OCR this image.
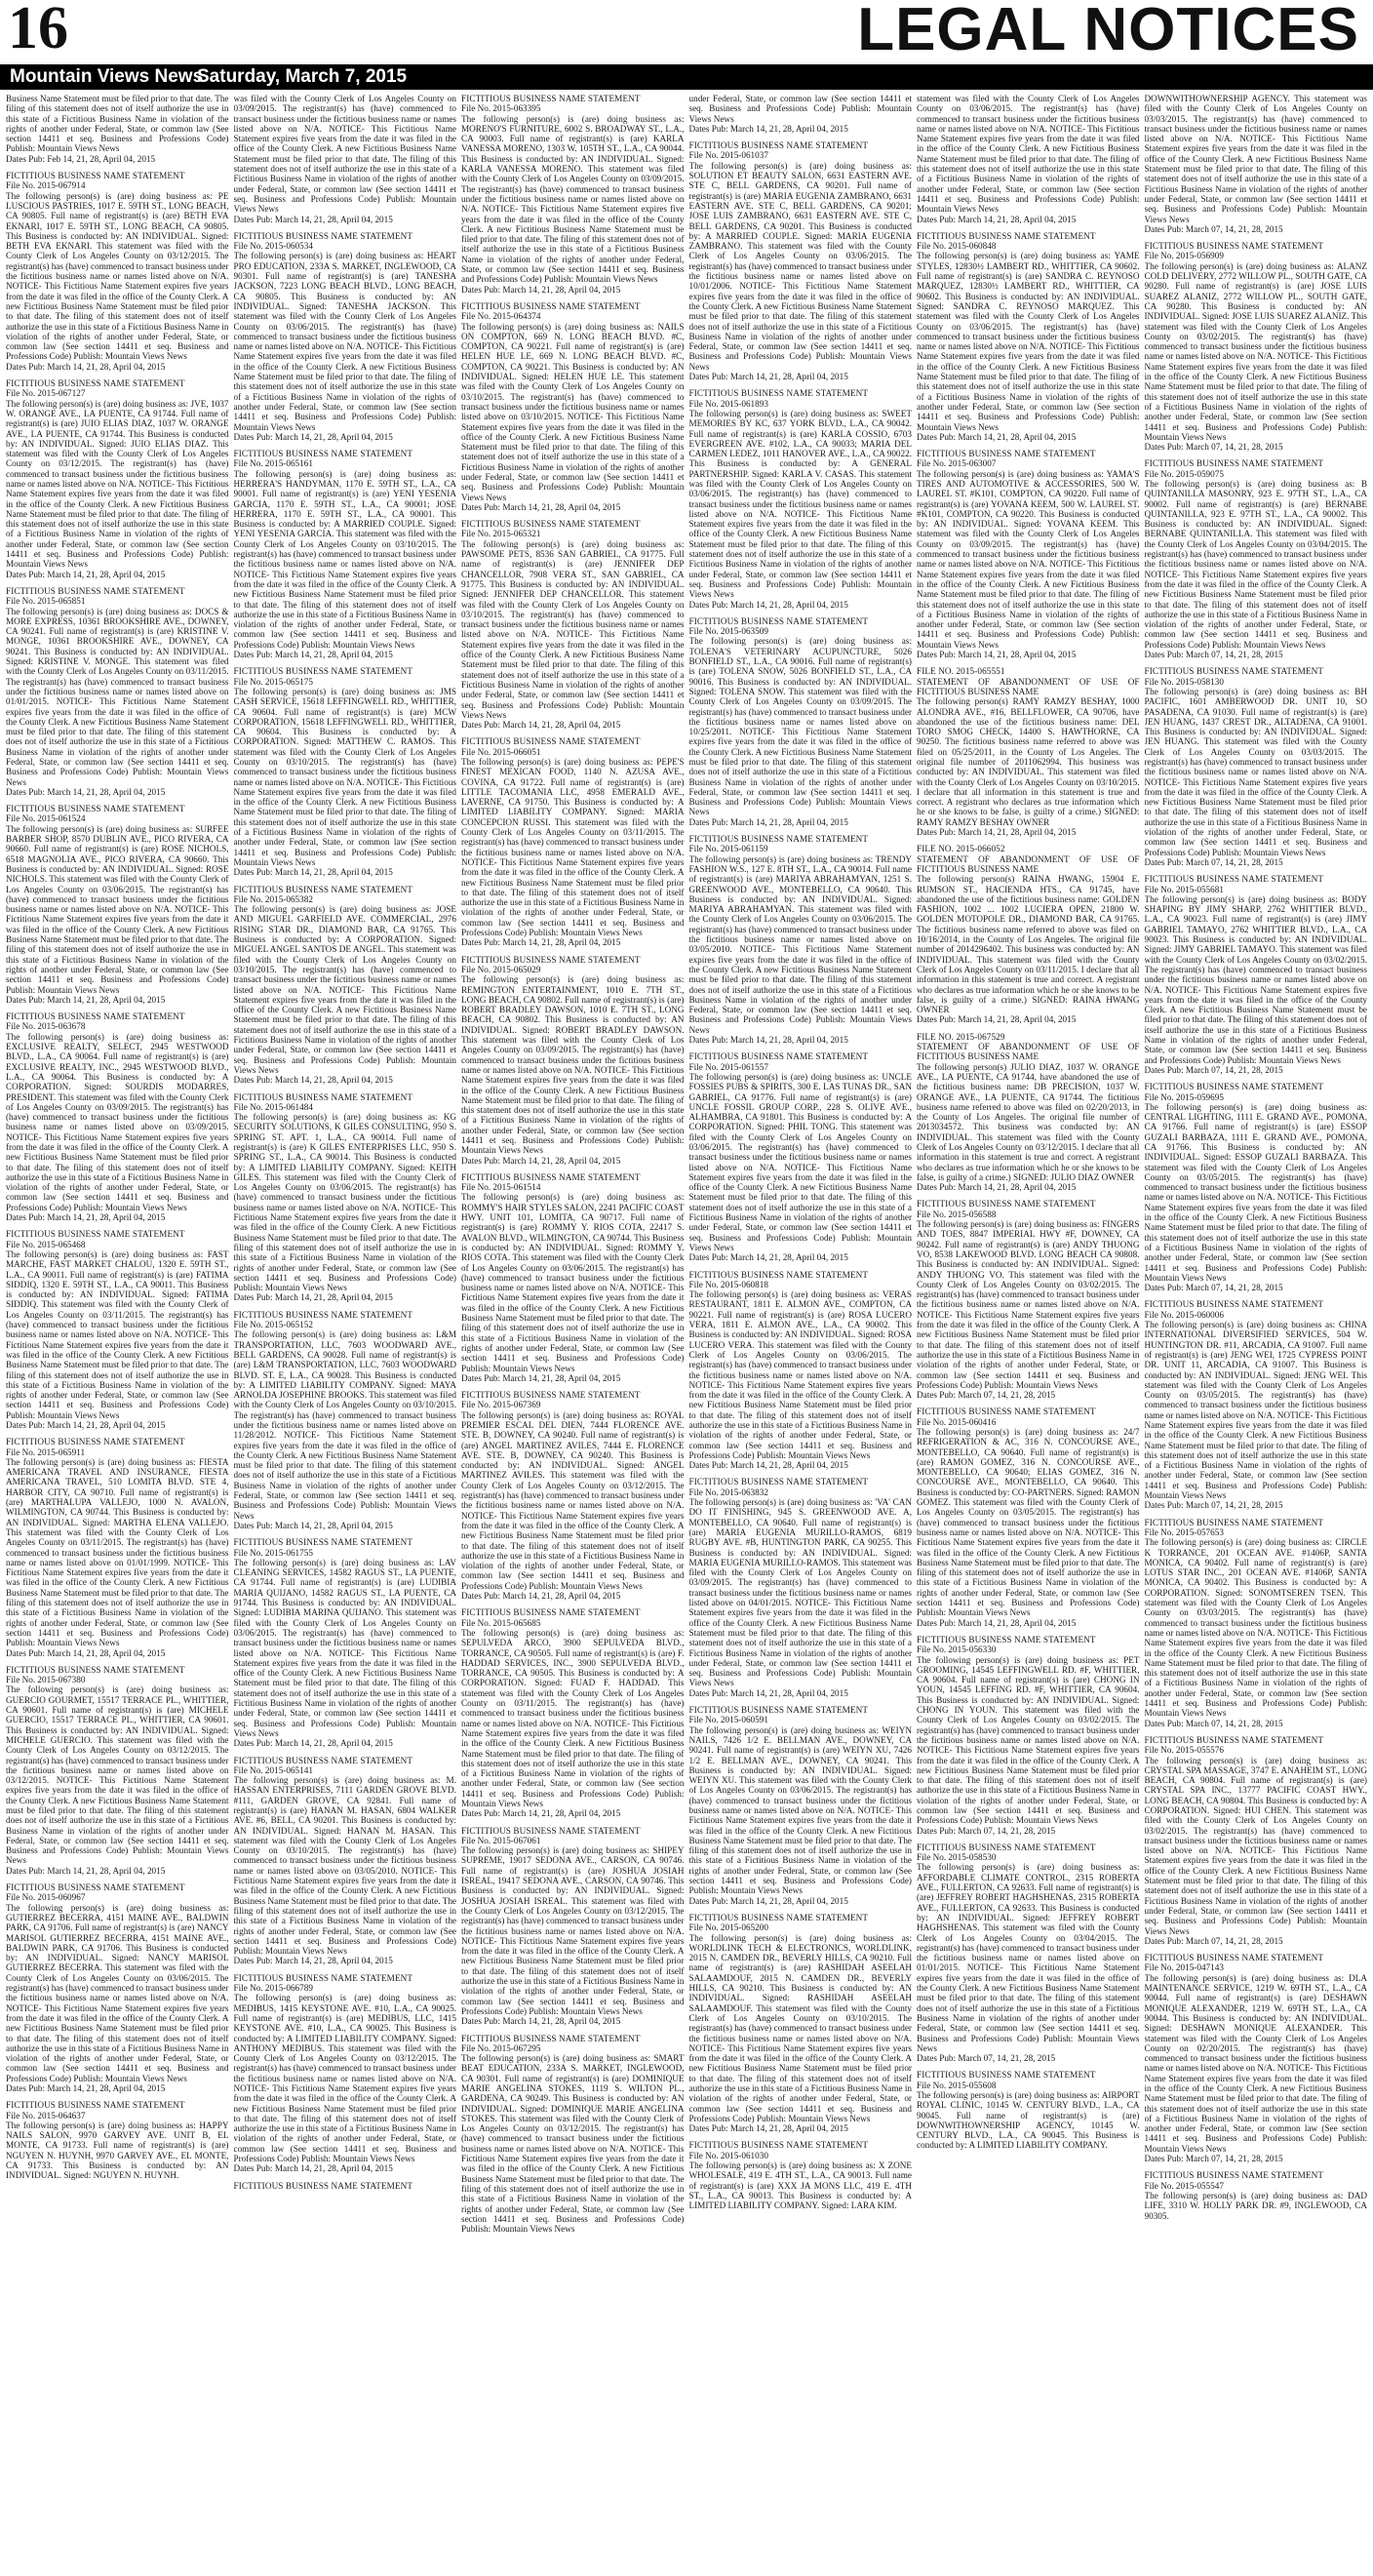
16	LEGAL NOTICES
Mountain Views News
Saturday, March 7, 2015
Business Name Statement must be filed prior to that date. The filing of this statement does not of itself authorize the use in this state of a Fictitious Business Name in violation of the rights of another under Federal, State, or common law (See section 14411 et seq. Business and Professions Code) Publish: Mountain Views News
Dates Pub: Feb 14, 21, 28, April 04, 2015
FICTITIOUS BUSINESS NAME STATEMENT
File No. 2015-067914
The following person(s) is (are) doing business as: PE LUSCIOUS PASTRIES, 1017 E. 59TH ST., LONG BEACH, CA 90805. Full name of registrant(s) is (are) BETH EVA EKNARI, 1017 E. 59TH ST., LONG BEACH, CA 90805. This Business is conducted by: AN INDIVIDUAL. Signed: BETH EVA EKNARI. This statement was filed with the County Clerk of Los Angeles County on 03/12/2015. The registrant(s) has (have) commenced to transact business under the fictitious business name or names listed above on N/A. NOTICE- This Fictitious Name Statement expires five years from the date it was filed in the office of the County Clerk. A new Fictitious Business Name Statement must be filed prior to that date. The filing of this statement does not of itself authorize the use in this state of a Fictitious Business Name in violation of the rights of another under Federal, State, or common law (See section 14411 et seq. Business and Professions Code) Publish: Mountain Views News
Dates Pub: March 14, 21, 28, April 04, 2015
FICTITIOUS BUSINESS NAME STATEMENT
File No. 2015-067127
The following person(s) is (are) doing business as: JVE, 1037 W. ORANGE AVE., LA PUENTE, CA 91744. Full name of registrant(s) is (are) JUIO ELIAS DIAZ, 1037 W. ORANGE AVE., LA PUENTE, CA 91744. This Business is conducted by: AN INDIVIDUAL. Signed: JUIO ELIAS DIAZ. This statement was filed with the County Clerk of Los Angeles County on 03/12/2015. The registrant(s) has (have) commenced to transact business under the fictitious business name or names listed above on N/A. NOTICE- This Fictitious Name Statement expires five years from the date it was filed in the office of the County Clerk. A new Fictitious Business Name Statement must be filed prior to that date. The filing of this statement does not of itself authorize the use in this state of a Fictitious Business Name in violation of the rights of another under Federal, State, or common law (See section 14411 et seq. Business and Professions Code) Publish: Mountain Views News
Dates Pub: March 14, 21, 28, April 04, 2015
FICTITIOUS BUSINESS NAME STATEMENT
File No. 2015-065851
The following person(s) is (are) doing business as: DOCS & MORE EXPRESS, 10361 BROOKSHIRE AVE., DOWNEY, CA 90241. Full name of registrant(s) is (are) KRISTINE V. MONGE, 10361 BROOKSHIRE AVE., DOWNEY, CA 90241. This Business is conducted by: AN INDIVIDUAL. Signed: KRISTINE V. MONGE. This statement was filed with the County Clerk of Los Angeles County on 03/11/2015. The registrant(s) has (have) commenced to transact business under the fictitious business name or names listed above on 01/01/2015. NOTICE- This Fictitious Name Statement expires five years from the date it was filed in the office of the County Clerk. A new Fictitious Business Name Statement must be filed prior to that date. The filing of this statement does not of itself authorize the use in this state of a Fictitious Business Name in violation of the rights of another under Federal, State, or common law (See section 14411 et seq. Business and Professions Code) Publish: Mountain Views News
Dates Pub: March 14, 21, 28, April 04, 2015
FICTITIOUS BUSINESS NAME STATEMENT
File No. 2015-061524
The following person(s) is (are) doing business as: SURFEE BARBER SHOP, 8570 DUBLIN AVE., PICO RIVERA, CA 90660. Full name of registrant(s) is (are) ROSE NICHOLS, 6518 MAGNOLIA AVE., PICO RIVERA, CA 90660. This Business is conducted by: AN INDIVIDUAL. Signed: ROSE NICHOLS. This statement was filed with the County Clerk of Los Angeles County on 03/06/2015. The registrant(s) has (have) commenced to transact business under the fictitious business name or names listed above on N/A. NOTICE- This Fictitious Name Statement expires five years from the date it was filed in the office of the County Clerk. A new Fictitious Business Name Statement must be filed prior to that date. The filing of this statement does not of itself authorize the use in this state of a Fictitious Business Name in violation of the rights of another under Federal, State, or common law (See section 14411 et seq. Business and Professions Code) Publish: Mountain Views News
Dates Pub: March 14, 21, 28, April 04, 2015
FICTITIOUS BUSINESS NAME STATEMENT
File No. 2015-063678
The following person(s) is (are) doing business as: EXCLUSIVE REALTY, SELECT, 2945 WESTWOOD BLVD., L.A., CA 90064. Full name of registrant(s) is (are) EXCLUSIVE REALTY, INC., 2945 WESTWOOD BLVD., L.A., CA 90064. This Business is conducted by: A CORPORATION. Signed: SOURDIS MODARRES, PRESIDENT. This statement was filed with the County Clerk of Los Angeles County on 03/09/2015. The registrant(s) has (have) commenced to transact business under the fictitious business name or names listed above on 03/09/2015. NOTICE- This Fictitious Name Statement expires five years from the date it was filed in the office of the County Clerk. A new Fictitious Business Name Statement must be filed prior to that date. The filing of this statement does not of itself authorize the use in this state of a Fictitious Business Name in violation of the rights of another under Federal, State, or common law (See section 14411 et seq. Business and Professions Code) Publish: Mountain Views News
Dates Pub: March 14, 21, 28, April 04, 2015
FICTITIOUS BUSINESS NAME STATEMENT
File No. 2015-065468
The following person(s) is (are) doing business as: FAST MARCHE, FAST MARKET CHALOU, 1320 E. 59TH ST., L.A., CA 90011. Full name of registrant(s) is (are) FATIMA SIDDIQ, 1320 E. 59TH ST., L.A., CA 90011. This Business is conducted by: AN INDIVIDUAL. Signed: FATIMA SIDDIQ. This statement was filed with the County Clerk of Los Angeles County on 03/11/2015. The registrant(s) has (have) commenced to transact business under the fictitious business name or names listed above on N/A. NOTICE- This Fictitious Name Statement expires five years from the date it was filed in the office of the County Clerk. A new Fictitious Business Name Statement must be filed prior to that date. The filing of this statement does not of itself authorize the use in this state of a Fictitious Business Name in violation of the rights of another under Federal, State, or common law (See section 14411 et seq. Business and Professions Code) Publish: Mountain Views News
Dates Pub: March 14, 21, 28, April 04, 2015
FICTITIOUS BUSINESS NAME STATEMENT
File No. 2015-065911
The following person(s) is (are) doing business as: FIESTA AMERICANA TRAVEL AND INSURANCE, FIESTA AMERICANA TRAVEL, 510 LOMITA BLVD. STE 4, HARBOR CITY, CA 90710. Full name of registrant(s) is (are) MARTHALUPA VALLEJO, 1000 N. AVALON, WILMINGTON, CA 90744. This Business is conducted by: AN INDIVIDUAL. Signed: MARTHA ELENA VALLEJO. This statement was filed with the County Clerk of Los Angeles County on 03/11/2015. The registrant(s) has (have) commenced to transact business under the fictitious business name or names listed above on 01/01/1999. NOTICE- This Fictitious Name Statement expires five years from the date it was filed in the office of the County Clerk. A new Fictitious Business Name Statement must be filed prior to that date. The filing of this statement does not of itself authorize the use in this state of a Fictitious Business Name in violation of the rights of another under Federal, State, or common law (See section 14411 et seq. Business and Professions Code) Publish: Mountain Views News
Dates Pub: March 14, 21, 28, April 04, 2015
FICTITIOUS BUSINESS NAME STATEMENT
File No. 2015-067380
The following person(s) is (are) doing business as: GUERCIO GOURMET, 15517 TERRACE PL., WHITTIER, CA 90601. Full name of registrant(s) is (are) MICHELE GUERCIO, 15517 TERRACE PL., WHITTIER, CA 90601. This Business is conducted by: AN INDIVIDUAL. Signed: MICHELE GUERCIO. This statement was filed with the County Clerk of Los Angeles County on 03/12/2015. The registrant(s) has (have) commenced to transact business under the fictitious business name or names listed above on 03/12/2015. NOTICE- This Fictitious Name Statement expires five years from the date it was filed in the office of the County Clerk. A new Fictitious Business Name Statement must be filed prior to that date. The filing of this statement does not of itself authorize the use in this state of a Fictitious Business Name in violation of the rights of another under Federal, State, or common law (See section 14411 et seq. Business and Professions Code) Publish: Mountain Views News
Dates Pub: March 14, 21, 28, April 04, 2015
FICTITIOUS BUSINESS NAME STATEMENT
File No. 2015-060967
The following person(s) is (are) doing business as: GUTIERREZ BECERRA, 4151 MAINE AVE., BALDWIN PARK, CA 91706. Full name of registrant(s) is (are) NANCY MARISOL GUTIERREZ BECERRA, 4151 MAINE AVE., BALDWIN PARK, CA 91706. This Business is conducted by: AN INDIVIDUAL. Signed: NANCY MARISOL GUTIERREZ BECERRA. This statement was filed with the County Clerk of Los Angeles County on 03/06/2015. The registrant(s) has (have) commenced to transact business under the fictitious business name or names listed above on N/A. NOTICE- This Fictitious Name Statement expires five years from the date it was filed in the office of the County Clerk. A new Fictitious Business Name Statement must be filed prior to that date. The filing of this statement does not of itself authorize the use in this state of a Fictitious Business Name in violation of the rights of another under Federal, State, or common law (See section 14411 et seq. Business and Professions Code) Publish: Mountain Views News
Dates Pub: March 14, 21, 28, April 04, 2015
FICTITIOUS BUSINESS NAME STATEMENT
File No. 2015-064637
The following person(s) is (are) doing business as: HAPPY NAILS SALON, 9970 GARVEY AVE. UNIT B, EL MONTE, CA 91733. Full name of registrant(s) is (are) NGUYEN N. HUYNH, 9970 GARVEY AVE., EL MONTE, CA 91733. This Business is conducted by: AN INDIVIDUAL. Signed: NGUYEN N. HUYNH.
was filed with the County Clerk of Los Angeles County on 03/09/2015. The registrant(s) has (have) commenced to transact business under the fictitious business name or names listed above on N/A. NOTICE- This Fictitious Name Statement expires five years from the date it was filed in the office of the County Clerk. A new Fictitious Business Name Statement must be filed prior to that date. The filing of this statement does not of itself authorize the use in this state of a Fictitious Business Name in violation of the rights of another under Federal, State, or common law (See section 14411 et seq. Business and Professions Code) Publish: Mountain Views News
Dates Pub: March 14, 21, 28, April 04, 2015
FICTITIOUS BUSINESS NAME STATEMENT
File No. 2015-060534
The following person(s) is (are) doing business as: HEART PRO EDUCATION, 233A S. MARKET, INGLEWOOD, CA 90301. Full name of registrant(s) is (are) TANESHA JACKSON, 7223 LONG BEACH BLVD., LONG BEACH, CA 90805. This Business is conducted by: AN INDIVIDUAL. Signed: TANESHA JACKSON. This statement was filed with the County Clerk of Los Angeles County on 03/06/2015. The registrant(s) has (have) commenced to transact business under the fictitious business name or names listed above on N/A. NOTICE- This Fictitious Name Statement expires five years from the date it was filed in the office of the County Clerk. A new Fictitious Business Name Statement must be filed prior to that date. The filing of this statement does not of itself authorize the use in this state of a Fictitious Business Name in violation of the rights of another under Federal, State, or common law (See section 14411 et seq. Business and Professions Code) Publish: Mountain Views News
Dates Pub: March 14, 21, 28, April 04, 2015
FICTITIOUS BUSINESS NAME STATEMENT
File No. 2015-065161
The following person(s) is (are) doing business as: HERRERA'S HANDYMAN, 1170 E. 59TH ST., L.A., CA 90001. Full name of registrant(s) is (are) YENI YESENIA GARCIA, 1170 E. 59TH ST., L.A., CA 90001; JOSE HERRERA, 1170 E. 59TH ST., L.A., CA 90001. This Business is conducted by: A MARRIED COUPLE. Signed: YENI YESENIA GARCIA. This statement was filed with the County Clerk of Los Angeles County on 03/10/2015. The registrant(s) has (have) commenced to transact business under the fictitious business name or names listed above on N/A. NOTICE- This Fictitious Name Statement expires five years from the date it was filed in the office of the County Clerk. A new Fictitious Business Name Statement must be filed prior to that date. The filing of this statement does not of itself authorize the use in this state of a Fictitious Business Name in violation of the rights of another under Federal, State, or common law (See section 14411 et seq. Business and Professions Code) Publish: Mountain Views News
Dates Pub: March 14, 21, 28, April 04, 2015
FICTITIOUS BUSINESS NAME STATEMENT
File No. 2015-065175
The following person(s) is (are) doing business as: JMS CASH SERVICE, 15618 LEFFINGWELL RD., WHITTIER, CA 90604. Full name of registrant(s) is (are) MCW CORPORATION, 15618 LEFFINGWELL RD., WHITTIER, CA 90604. This Business is conducted by: A CORPORATION. Signed: MATTHEW C. RAMOS. This statement was filed with the County Clerk of Los Angeles County on 03/10/2015. The registrant(s) has (have) commenced to transact business under the fictitious business name or names listed above on N/A. NOTICE- This Fictitious Name Statement expires five years from the date it was filed in the office of the County Clerk. A new Fictitious Business Name Statement must be filed prior to that date. The filing of this statement does not of itself authorize the use in this state of a Fictitious Business Name in violation of the rights of another under Federal, State, or common law (See section 14411 et seq. Business and Professions Code) Publish: Mountain Views News
Dates Pub: March 14, 21, 28, April 04, 2015
FICTITIOUS BUSINESS NAME STATEMENT
File No. 2015-065382
The following person(s) is (are) doing business as: JOSE AND MIGUEL GARFIELD AVE. COMMERCIAL, 2976 RISING STAR DR., DIAMOND BAR, CA 91765. This Business is conducted by: A CORPORATION. Signed: MIGUEL ANGEL SANTOS DE ANGEL. This statement was filed with the County Clerk of Los Angeles County on 03/10/2015. The registrant(s) has (have) commenced to transact business under the fictitious business name or names listed above on N/A. NOTICE- This Fictitious Name Statement expires five years from the date it was filed in the office of the County Clerk. A new Fictitious Business Name Statement must be filed prior to that date. The filing of this statement does not of itself authorize the use in this state of a Fictitious Business Name in violation of the rights of another under Federal, State, or common law (See section 14411 et seq. Business and Professions Code) Publish: Mountain Views News
Dates Pub: March 14, 21, 28, April 04, 2015
FICTITIOUS BUSINESS NAME STATEMENT
File No. 2015-061484
The following person(s) is (are) doing business as: KG SECURITY SOLUTIONS, K GILES CONSULTING, 950 S. SPRING ST. APT. 1, L.A., CA 90014. Full name of registrant(s) is (are) K GILES ENTERPRISES LLC, 950 S. SPRING ST., L.A., CA 90014. This Business is conducted by: A LIMITED LIABILITY COMPANY. Signed: KEITH GILES. This statement was filed with the County Clerk of Los Angeles County on 03/06/2015. The registrant(s) has (have) commenced to transact business under the fictitious business name or names listed above on N/A. NOTICE- This Fictitious Name Statement expires five years from the date it was filed in the office of the County Clerk. A new Fictitious Business Name Statement must be filed prior to that date. The filing of this statement does not of itself authorize the use in this state of a Fictitious Business Name in violation of the rights of another under Federal, State, or common law (See section 14411 et seq. Business and Professions Code) Publish: Mountain Views News
Dates Pub: March 14, 21, 28, April 04, 2015
FICTITIOUS BUSINESS NAME STATEMENT
File No. 2015-065152
The following person(s) is (are) doing business as: L&M TRANSPORTATION, LLC, 7603 WOODWARD AVE., BELL GARDENS, CA 90028. Full name of registrant(s) is (are) L&M TRANSPORTATION, LLC, 7603 WOODWARD BLVD. ST. E, L.A., CA 90028. This Business is conducted by: A LIMITED LIABILITY COMPANY. Signed: MAYA ARNOLDA JOSEPHINE BROOKS. This statement was filed with the County Clerk of Los Angeles County on 03/10/2015. The registrant(s) has (have) commenced to transact business under the fictitious business name or names listed above on 11/28/2012. NOTICE- This Fictitious Name Statement expires five years from the date it was filed in the office of the County Clerk. A new Fictitious Business Name Statement must be filed prior to that date. The filing of this statement does not of itself authorize the use in this state of a Fictitious Business Name in violation of the rights of another under Federal, State, or common law (See section 14411 et seq. Business and Professions Code) Publish: Mountain Views News
Dates Pub: March 14, 21, 28, April 04, 2015
FICTITIOUS BUSINESS NAME STATEMENT
File No. 2015-061755
The following person(s) is (are) doing business as: LAV CLEANING SERVICES, 14582 RAGUS ST., LA PUENTE, CA 91744. Full name of registrant(s) is (are) LUDIBIA MARIA QUIJANO, 14582 RAGUS ST., LA PUENTE, CA 91744. This Business is conducted by: AN INDIVIDUAL. Signed: LUDIBIA MARINA QUIJANO. This statement was filed with the County Clerk of Los Angeles County on 03/06/2015. The registrant(s) has (have) commenced to transact business under the fictitious business name or names listed above on N/A. NOTICE- This Fictitious Name Statement expires five years from the date it was filed in the office of the County Clerk. A new Fictitious Business Name Statement must be filed prior to that date. The filing of this statement does not of itself authorize the use in this state of a Fictitious Business Name in violation of the rights of another under Federal, State, or common law (See section 14411 et seq. Business and Professions Code) Publish: Mountain Views News
Dates Pub: March 14, 21, 28, April 04, 2015
FICTITIOUS BUSINESS NAME STATEMENT
File No. 2015-065141
The following person(s) is (are) doing business as: M. HASSAN ENTERPRISES, 7111 GARDEN GROVE BLVD. #111, GARDEN GROVE, CA 92841. Full name of registrant(s) is (are) HANAN M. HASAN, 6804 WALKER AVE. #6, BELL, CA 90201. This Business is conducted by: AN INDIVIDUAL. Signed: HANAN M. HASAN. This statement was filed with the County Clerk of Los Angeles County on 03/10/2015. The registrant(s) has (have) commenced to transact business under the fictitious business name or names listed above on 03/05/2010. NOTICE- This Fictitious Name Statement expires five years from the date it was filed in the office of the County Clerk. A new Fictitious Business Name Statement must be filed prior to that date. The filing of this statement does not of itself authorize the use in this state of a Fictitious Business Name in violation of the rights of another under Federal, State, or common law (See section 14411 et seq. Business and Professions Code) Publish: Mountain Views News
Dates Pub: March 14, 21, 28, April 04, 2015
FICTITIOUS BUSINESS NAME STATEMENT
File No. 2015-066789
The following person(s) is (are) doing business as: MEDIBUS, 1415 KEYSTONE AVE. #10, L.A., CA 90025. Full name of registrant(s) is (are) MEDIBUS, LLC, 1415 KEYSTONE AVE. #10, L.A., CA 90025. This Business is conducted by: A LIMITED LIABILITY COMPANY. Signed: ANTHONY MEDIBUS. This statement was filed with the County Clerk of Los Angeles County on 03/12/2015. The registrant(s) has (have) commenced to transact business under the fictitious business name or names listed above on N/A. NOTICE- This Fictitious Name Statement expires five years from the date it was filed in the office of the County Clerk. A new Fictitious Business Name Statement must be filed prior to that date. The filing of this statement does not of itself authorize the use in this state of a Fictitious Business Name in violation of the rights of another under Federal, State, or common law (See section 14411 et seq. Business and Professions Code) Publish: Mountain Views News
Dates Pub: March 14, 21, 28, April 04, 2015
FICTITIOUS BUSINESS NAME STATEMENT
FICTITIOUS BUSINESS NAME STATEMENT
File No. 2015-063395
The following person(s) is (are) doing business as: MORENO'S FURNITURE, 6002 S. BROADWAY ST., L.A., CA 90003. Full name of registrant(s) is (are) KARLA VANESSA MORENO, 1303 W. 105TH ST., L.A., CA 90044. This Business is conducted by: AN INDIVIDUAL. Signed: KARLA VANESSA MORENO. This statement was filed with the County Clerk of Los Angeles County on 03/09/2015. The registrant(s) has (have) commenced to transact business under the fictitious business name or names listed above on N/A. NOTICE- This Fictitious Name Statement expires five years from the date it was filed in the office of the County Clerk. A new Fictitious Business Name Statement must be filed prior to that date. The filing of this statement does not of itself authorize the use in this state of a Fictitious Business Name in violation of the rights of another under Federal, State, or common law (See section 14411 et seq. Business and Professions Code) Publish: Mountain Views News
Dates Pub: March 14, 21, 28, April 04, 2015
FICTITIOUS BUSINESS NAME STATEMENT
File No. 2015-064374
The following person(s) is (are) doing business as: NAILS ON COMPTON, 669 N. LONG BEACH BLVD. #C, COMPTON, CA 90221. Full name of registrant(s) is (are) HELEN HUE LE, 669 N. LONG BEACH BLVD. #C, COMPTON, CA 90221. This Business is conducted by: AN INDIVIDUAL. Signed: HELEN HUE LE. This statement was filed with the County Clerk of Los Angeles County on 03/10/2015. The registrant(s) has (have) commenced to transact business under the fictitious business name or names listed above on 03/10/2015. NOTICE- This Fictitious Name Statement expires five years from the date it was filed in the office of the County Clerk. A new Fictitious Business Name Statement must be filed prior to that date. The filing of this statement does not of itself authorize the use in this state of a Fictitious Business Name in violation of the rights of another under Federal, State, or common law (See section 14411 et seq. Business and Professions Code) Publish: Mountain Views News
Dates Pub: March 14, 21, 28, April 04, 2015
FICTITIOUS BUSINESS NAME STATEMENT
File No. 2015-065321
The following person(s) is (are) doing business as: PAWSOME PETS, 8536 SAN GABRIEL, CA 91775. Full name of registrant(s) is (are) JENNIFER DEP CHANCELLOR, 7908 VERA ST., SAN GABRIEL, CA 91775. This Business is conducted by: AN INDIVIDUAL. Signed: JENNIFER DEP CHANCELLOR. This statement was filed with the County Clerk of Los Angeles County on 03/10/2015. The registrant(s) has (have) commenced to transact business under the fictitious business name or names listed above on N/A. NOTICE- This Fictitious Name Statement expires five years from the date it was filed in the office of the County Clerk. A new Fictitious Business Name Statement must be filed prior to that date. The filing of this statement does not of itself authorize the use in this state of a Fictitious Business Name in violation of the rights of another under Federal, State, or common law (See section 14411 et seq. Business and Professions Code) Publish: Mountain Views News
Dates Pub: March 14, 21, 28, April 04, 2015
FICTITIOUS BUSINESS NAME STATEMENT
File No. 2015-066051
The following person(s) is (are) doing business as: PEPE'S FINEST MEXICAN FOOD, 1140 N. AZUSA AVE., COVINA, CA 91722. Full name of registrant(s) is (are) LITTLE TACOMANIA LLC, 4958 EMERALD AVE., LAVERNE, CA 91750. This Business is conducted by: A LIMITED LIABILITY COMPANY. Signed: MARIA CONCEPCION RUSSI. This statement was filed with the County Clerk of Los Angeles County on 03/11/2015. The registrant(s) has (have) commenced to transact business under the fictitious business name or names listed above on N/A. NOTICE- This Fictitious Name Statement expires five years from the date it was filed in the office of the County Clerk. A new Fictitious Business Name Statement must be filed prior to that date. The filing of this statement does not of itself authorize the use in this state of a Fictitious Business Name in violation of the rights of another under Federal, State, or common law (See section 14411 et seq. Business and Professions Code) Publish: Mountain Views News
Dates Pub: March 14, 21, 28, April 04, 2015
FICTITIOUS BUSINESS NAME STATEMENT
File No. 2015-065029
The following person(s) is (are) doing business as: REMINGTON ENTERTAINMENT, 1010 E. 7TH ST., LONG BEACH, CA 90802. Full name of registrant(s) is (are) ROBERT BRADLEY DAWSON, 1010 E. 7TH ST., LONG BEACH, CA 90802. This Business is conducted by: AN INDIVIDUAL. Signed: ROBERT BRADLEY DAWSON. This statement was filed with the County Clerk of Los Angeles County on 03/09/2015. The registrant(s) has (have) commenced to transact business under the fictitious business name or names listed above on N/A. NOTICE- This Fictitious Name Statement expires five years from the date it was filed in the office of the County Clerk. A new Fictitious Business Name Statement must be filed prior to that date. The filing of this statement does not of itself authorize the use in this state of a Fictitious Business Name in violation of the rights of another under Federal, State, or common law (See section 14411 et seq. Business and Professions Code) Publish: Mountain Views News
Dates Pub: March 14, 21, 28, April 04, 2015
FICTITIOUS BUSINESS NAME STATEMENT
File No. 2015-061514
The following person(s) is (are) doing business as: ROMMY'S HAIR STYLES SALON, 2241 PACIFIC COAST HWY. UNIT 101, LOMITA, CA 90717. Full name of registrant(s) is (are) ROMMY Y. RIOS COTA, 22417 S. AVALON BLVD., WILMINGTON, CA 90744. This Business is conducted by: AN INDIVIDUAL. Signed: ROMMY Y. RIOS COTA. This statement was filed with the County Clerk of Los Angeles County on 03/06/2015. The registrant(s) has (have) commenced to transact business under the fictitious business name or names listed above on N/A. NOTICE- This Fictitious Name Statement expires five years from the date it was filed in the office of the County Clerk. A new Fictitious Business Name Statement must be filed prior to that date. The filing of this statement does not of itself authorize the use in this state of a Fictitious Business Name in violation of the rights of another under Federal, State, or common law (See section 14411 et seq. Business and Professions Code) Publish: Mountain Views News
Dates Pub: March 14, 21, 28, April 04, 2015
FICTITIOUS BUSINESS NAME STATEMENT
File No. 2015-067369
The following person(s) is (are) doing business as: ROYAL PREMIER ESCAL DEL DIEN, 7444 FLORENCE AVE. STE. B, DOWNEY, CA 90240. Full name of registrant(s) is (are) ANGEL MARTINEZ AVILES, 7444 E. FLORENCE AVE. STE. B, DOWNEY, CA 90240. This Business is conducted by: AN INDIVIDUAL. Signed: ANGEL MARTINEZ AVILES. This statement was filed with the County Clerk of Los Angeles County on 03/12/2015. The registrant(s) has (have) commenced to transact business under the fictitious business name or names listed above on N/A. NOTICE- This Fictitious Name Statement expires five years from the date it was filed in the office of the County Clerk. A new Fictitious Business Name Statement must be filed prior to that date. The filing of this statement does not of itself authorize the use in this state of a Fictitious Business Name in violation of the rights of another under Federal, State, or common law (See section 14411 et seq. Business and Professions Code) Publish: Mountain Views News
Dates Pub: March 14, 21, 28, April 04, 2015
FICTITIOUS BUSINESS NAME STATEMENT
File No. 2015-065685
The following person(s) is (are) doing business as: SEPULVEDA ARCO, 3900 SEPULVEDA BLVD., TORRANCE, CA 90505. Full name of registrant(s) is (are) F. HADDAD SERVICES, INC., 3900 SEPULVEDA BLVD., TORRANCE, CA 90505. This Business is conducted by: A CORPORATION. Signed: FUAD F. HADDAD. This statement was filed with the County Clerk of Los Angeles County on 03/11/2015. The registrant(s) has (have) commenced to transact business under the fictitious business name or names listed above on N/A. NOTICE- This Fictitious Name Statement expires five years from the date it was filed in the office of the County Clerk. A new Fictitious Business Name Statement must be filed prior to that date. The filing of this statement does not of itself authorize the use in this state of a Fictitious Business Name in violation of the rights of another under Federal, State, or common law (See section 14411 et seq. Business and Professions Code) Publish: Mountain Views News
Dates Pub: March 14, 21, 28, April 04, 2015
FICTITIOUS BUSINESS NAME STATEMENT
File No. 2015-067061
The following person(s) is (are) doing business as: SHIPEY SUPREME, 19017 SEDONA AVE., CARSON, CA 90746. Full name of registrant(s) is (are) JOSHUA JOSIAH ISREAL, 19417 SEDONA AVE., CARSON, CA 90746. This Business is conducted by: AN INDIVIDUAL. Signed: JOSHUA JOSIAH ISREAL. This statement was filed with the County Clerk of Los Angeles County on 03/12/2015. The registrant(s) has (have) commenced to transact business under the fictitious business name or names listed above on N/A. NOTICE- This Fictitious Name Statement expires five years from the date it was filed in the office of the County Clerk. A new Fictitious Business Name Statement must be filed prior to that date. The filing of this statement does not of itself authorize the use in this state of a Fictitious Business Name in violation of the rights of another under Federal, State, or common law (See section 14411 et seq. Business and Professions Code) Publish: Mountain Views News
Dates Pub: March 14, 21, 28, April 04, 2015
FICTITIOUS BUSINESS NAME STATEMENT
File No. 2015-067295
The following person(s) is (are) doing business as: SMART BEAT EDUCATION, 233A S. MARKET, INGLEWOOD, CA 90301. Full name of registrant(s) is (are) DOMINIQUE MARIE ANGELINA STOKES, 1119 S. WILTON PL., GARDENA, CA 90249. This Business is conducted by: AN INDIVIDUAL. Signed: DOMINIQUE MARIE ANGELINA STOKES. This statement was filed with the County Clerk of Los Angeles County on 03/12/2015. The registrant(s) has (have) commenced to transact business under the fictitious business name or names listed above on N/A. NOTICE- This Fictitious Name Statement expires five years from the date it was filed in the office of the County Clerk. A new Fictitious Business Name Statement must be filed prior to that date. The filing of this statement does not of itself authorize the use in this state of a Fictitious Business Name in violation of the rights of another under Federal, State, or common law (See section 14411 et seq. Business and Professions Code) Publish: Mountain Views News
under Federal, State, or common law (See section 14411 et seq. Business and Professions Code) Publish: Mountain Views News
Dates Pub: March 14, 21, 28, April 04, 2015
FICTITIOUS BUSINESS NAME STATEMENT
File No. 2015-061037
The following person(s) is (are) doing business as: SOLUTION ET BEAUTY SALON, 6631 EASTERN AVE. STE C, BELL GARDENS, CA 90201. Full name of registrant(s) is (are) MARIA EUGENIA ZAMBRANO, 6631 EASTERN AVE. STE C, BELL GARDENS, CA 90201; JOSE LUIS ZAMBRANO, 6631 EASTERN AVE. STE C, BELL GARDENS, CA 90201. This Business is conducted by: A MARRIED COUPLE. Signed: MARIA EUGENIA ZAMBRANO. This statement was filed with the County Clerk of Los Angeles County on 03/06/2015. The registrant(s) has (have) commenced to transact business under the fictitious business name or names listed above on 10/01/2006. NOTICE- This Fictitious Name Statement expires five years from the date it was filed in the office of the County Clerk. A new Fictitious Business Name Statement must be filed prior to that date. The filing of this statement does not of itself authorize the use in this state of a Fictitious Business Name in violation of the rights of another under Federal, State, or common law (See section 14411 et seq. Business and Professions Code) Publish: Mountain Views News
Dates Pub: March 14, 21, 28, April 04, 2015
FICTITIOUS BUSINESS NAME STATEMENT
File No. 2015-061893
The following person(s) is (are) doing business as: SWEET MEMORIES BY KC, 637 YORK BLVD., L.A., CA 90042. Full name of registrant(s) is (are) KARLA COSSIO, 6703 EVERGREEN AVE. #102, L.A., CA 90033; MARIA DEL CARMEN LEDEZ, 1011 HANOVER AVE., L.A., CA 90022. This Business is conducted by: A GENERAL PARTNERSHIP. Signed: KARLA V. CASAS. This statement was filed with the County Clerk of Los Angeles County on 03/06/2015. The registrant(s) has (have) commenced to transact business under the fictitious business name or names listed above on N/A. NOTICE- This Fictitious Name Statement expires five years from the date it was filed in the office of the County Clerk. A new Fictitious Business Name Statement must be filed prior to that date. The filing of this statement does not of itself authorize the use in this state of a Fictitious Business Name in violation of the rights of another under Federal, State, or common law (See section 14411 et seq. Business and Professions Code) Publish: Mountain Views News
Dates Pub: March 14, 21, 28, April 04, 2015
FICTITIOUS BUSINESS NAME STATEMENT
File No. 2015-063509
The following person(s) is (are) doing business as: TOLENA'S VETERINARY ACUPUNCTURE, 5026 BONFIELD ST., L.A., CA 90016. Full name of registrant(s) is (are) TOLENA SNOW, 5026 BONFIELD ST., L.A., CA 90016. This Business is conducted by: AN INDIVIDUAL. Signed: TOLENA SNOW. This statement was filed with the County Clerk of Los Angeles County on 03/09/2015. The registrant(s) has (have) commenced to transact business under the fictitious business name or names listed above on 10/25/2011. NOTICE- This Fictitious Name Statement expires five years from the date it was filed in the office of the County Clerk. A new Fictitious Business Name Statement must be filed prior to that date. The filing of this statement does not of itself authorize the use in this state of a Fictitious Business Name in violation of the rights of another under Federal, State, or common law (See section 14411 et seq. Business and Professions Code) Publish: Mountain Views News
Dates Pub: March 14, 21, 28, April 04, 2015
FICTITIOUS BUSINESS NAME STATEMENT
File No. 2015-061159
The following person(s) is (are) doing business as: TRENDY FASHION W.S., 127 E. 8TH ST., L.A., CA 90014. Full name of registrant(s) is (are) MARIYA ABRAHAMYAN, 1251 S. GREENWOOD AVE., MONTEBELLO, CA 90640. This Business is conducted by: AN INDIVIDUAL. Signed: MARIYA ABRAHAMYAN. This statement was filed with the County Clerk of Los Angeles County on 03/06/2015. The registrant(s) has (have) commenced to transact business under the fictitious business name or names listed above on 03/05/2010. NOTICE- This Fictitious Name Statement expires five years from the date it was filed in the office of the County Clerk. A new Fictitious Business Name Statement must be filed prior to that date. The filing of this statement does not of itself authorize the use in this state of a Fictitious Business Name in violation of the rights of another under Federal, State, or common law (See section 14411 et seq. Business and Professions Code) Publish: Mountain Views News
Dates Pub: March 14, 21, 28, April 04, 2015
FICTITIOUS BUSINESS NAME STATEMENT
File No. 2015-061557
The following person(s) is (are) doing business as: UNCLE FOSSIES PUBS & SPIRITS, 300 E. LAS TUNAS DR., SAN GABRIEL, CA 91776. Full name of registrant(s) is (are) UNCLE FOSSIL GROUP CORP., 228 S. OLIVE AVE., ALHAMBRA, CA 91801. This Business is conducted by: A CORPORATION. Signed: PHIL TONG. This statement was filed with the County Clerk of Los Angeles County on 03/06/2015. The registrant(s) has (have) commenced to transact business under the fictitious business name or names listed above on N/A. NOTICE- This Fictitious Name Statement expires five years from the date it was filed in the office of the County Clerk. A new Fictitious Business Name Statement must be filed prior to that date. The filing of this statement does not of itself authorize the use in this state of a Fictitious Business Name in violation of the rights of another under Federal, State, or common law (See section 14411 et seq. Business and Professions Code) Publish: Mountain Views News
Dates Pub: March 14, 21, 28, April 04, 2015
FICTITIOUS BUSINESS NAME STATEMENT
File No. 2015-060818
The following person(s) is (are) doing business as: VERAS RESTAURANT, 1811 E. ALMON AVE., COMPTON, CA 90221. Full name of registrant(s) is (are) ROSA LUCERO VERA, 1811 E. ALMON AVE., L.A., CA 90002. This Business is conducted by: AN INDIVIDUAL. Signed: ROSA LUCERO VERA. This statement was filed with the County Clerk of Los Angeles County on 03/06/2015. The registrant(s) has (have) commenced to transact business under the fictitious business name or names listed above on N/A. NOTICE- This Fictitious Name Statement expires five years from the date it was filed in the office of the County Clerk. A new Fictitious Business Name Statement must be filed prior to that date. The filing of this statement does not of itself authorize the use in this state of a Fictitious Business Name in violation of the rights of another under Federal, State, or common law (See section 14411 et seq. Business and Professions Code) Publish: Mountain Views News
Dates Pub: March 14, 21, 28, April 04, 2015
FICTITIOUS BUSINESS NAME STATEMENT
File No. 2015-063832
The following person(s) is (are) doing business as: 'VA' CAN DO IT FINISHING, 945 S. GREENWOOD AVE. A, MONTEBELLO, CA 90640. Full name of registrant(s) is (are) MARIA EUGENIA MURILLO-RAMOS, 6819 RUGBY AVE. #B, HUNTINGTON PARK, CA 90255. This Business is conducted by: AN INDIVIDUAL. Signed: MARIA EUGENIA MURILLO-RAMOS. This statement was filed with the County Clerk of Los Angeles County on 03/09/2015. The registrant(s) has (have) commenced to transact business under the fictitious business name or names listed above on 04/01/2015. NOTICE- This Fictitious Name Statement expires five years from the date it was filed in the office of the County Clerk. A new Fictitious Business Name Statement must be filed prior to that date. The filing of this statement does not of itself authorize the use in this state of a Fictitious Business Name in violation of the rights of another under Federal, State, or common law (See section 14411 et seq. Business and Professions Code) Publish: Mountain Views News
Dates Pub: March 14, 21, 28, April 04, 2015
FICTITIOUS BUSINESS NAME STATEMENT
File No. 2015-060591
The following person(s) is (are) doing business as: WEIYN NAILS, 7426 1/2 E. BELLMAN AVE., DOWNEY, CA 90241. Full name of registrant(s) is (are) WEIYN XU, 7426 1/2 E. BELLMAN AVE., DOWNEY, CA 90241. This Business is conducted by: AN INDIVIDUAL. Signed: WEIYN XU. This statement was filed with the County Clerk of Los Angeles County on 03/06/2015. The registrant(s) has (have) commenced to transact business under the fictitious business name or names listed above on N/A. NOTICE- This Fictitious Name Statement expires five years from the date it was filed in the office of the County Clerk. A new Fictitious Business Name Statement must be filed prior to that date. The filing of this statement does not of itself authorize the use in this state of a Fictitious Business Name in violation of the rights of another under Federal, State, or common law (See section 14411 et seq. Business and Professions Code) Publish: Mountain Views News
Dates Pub: March 14, 21, 28, April 04, 2015
FICTITIOUS BUSINESS NAME STATEMENT
File No. 2015-065200
The following person(s) is (are) doing business as: WORLDLINK TECH & ELECTRONICS, WORLDLINK, 2015 N. CAMDEN DR., BEVERLY HILLS, CA 90210. Full name of registrant(s) is (are) RASHIDAH ASEELAH SALAAMDOUF, 2015 N. CAMDEN DR., BEVERLY HILLS, CA 90210. This Business is conducted by: AN INDIVIDUAL. Signed: RASHIDAH ASEELAH SALAAMDOUF. This statement was filed with the County Clerk of Los Angeles County on 03/10/2015. The registrant(s) has (have) commenced to transact business under the fictitious business name or names listed above on N/A. NOTICE- This Fictitious Name Statement expires five years from the date it was filed in the office of the County Clerk. A new Fictitious Business Name Statement must be filed prior to that date. The filing of this statement does not of itself authorize the use in this state of a Fictitious Business Name in violation of the rights of another under Federal, State, or common law (See section 14411 et seq. Business and Professions Code) Publish: Mountain Views News
Dates Pub: March 14, 21, 28, April 04, 2015
FICTITIOUS BUSINESS NAME STATEMENT
File No. 2015-061030
The following person(s) is (are) doing business as: X ZONE WHOLESALE, 419 E. 4TH ST., L.A., CA 90013. Full name of registrant(s) is (are) XXX JA MONS LLC, 419 E. 4TH ST., L.A., CA 90013. This Business is conducted by: A LIMITED LIABILITY COMPANY. Signed: LARA KIM.
statement was filed with the County Clerk of Los Angeles County on 03/06/2015. The registrant(s) has (have) commenced to transact business under the fictitious business name or names listed above on N/A. NOTICE- This Fictitious Name Statement expires five years from the date it was filed in the office of the County Clerk. A new Fictitious Business Name Statement must be filed prior to that date. The filing of this statement does not of itself authorize the use in this state of a Fictitious Business Name in violation of the rights of another under Federal, State, or common law (See section 14411 et seq. Business and Professions Code) Publish: Mountain Views News
Dates Pub: March 14, 21, 28, April 04, 2015
FICTITIOUS BUSINESS NAME STATEMENT
File No. 2015-060848
The following person(s) is (are) doing business as: YAME STYLES, 12830½ LAMBERT RD., WHITTIER, CA 90602. Full name of registrant(s) is (are) SANDRA C. REYNOSO MARQUEZ, 12830½ LAMBERT RD., WHITTIER, CA 90602. This Business is conducted by: AN INDIVIDUAL. Signed: SANDRA C. REYNOSO MARQUEZ. This statement was filed with the County Clerk of Los Angeles County on 03/06/2015. The registrant(s) has (have) commenced to transact business under the fictitious business name or names listed above on N/A. NOTICE- This Fictitious Name Statement expires five years from the date it was filed in the office of the County Clerk. A new Fictitious Business Name Statement must be filed prior to that date. The filing of this statement does not of itself authorize the use in this state of a Fictitious Business Name in violation of the rights of another under Federal, State, or common law (See section 14411 et seq. Business and Professions Code) Publish: Mountain Views News
Dates Pub: March 14, 21, 28, April 04, 2015
FICTITIOUS BUSINESS NAME STATEMENT
File No. 2015-063007
The following person(s) is (are) doing business as: YAMA'S TIRES AND AUTOMOTIVE & ACCESSORIES, 500 W. LAUREL ST. #K101, COMPTON, CA 90220. Full name of registrant(s) is (are) YOVANA KEEM, 500 W. LAUREL ST. #K101, COMPTON, CA 90220. This Business is conducted by: AN INDIVIDUAL. Signed: YOVANA KEEM. This statement was filed with the County Clerk of Los Angeles County on 03/09/2015. The registrant(s) has (have) commenced to transact business under the fictitious business name or names listed above on N/A. NOTICE- This Fictitious Name Statement expires five years from the date it was filed in the office of the County Clerk. A new Fictitious Business Name Statement must be filed prior to that date. The filing of this statement does not of itself authorize the use in this state of a Fictitious Business Name in violation of the rights of another under Federal, State, or common law (See section 14411 et seq. Business and Professions Code) Publish: Mountain Views News
Dates Pub: March 14, 21, 28, April 04, 2015
FILE NO. 2015-065551
STATEMENT OF ABANDONMENT OF USE OF FICTITIOUS BUSINESS NAME
The following person(s) RAMY RAMZY BESHAY, 1000 ALONDRA AVE., #16, BELLFLOWER, CA 90706, have abandoned the use of the fictitious business name: DEL TORO SMOG CHECK, 14400 S. HAWTHORNE, CA 90250. The fictitious business name referred to above was filed on 05/25/2011, in the County of Los Angeles. The original file number of 2011062994. This business was conducted by: AN INDIVIDUAL. This statement was filed with the County Clerk of Los Angeles County on 03/10/2015. I declare that all information in this statement is true and correct. A registrant who declares as true information which he or she knows to be false, is guilty of a crime.) SIGNED: RAMY RAMZY BESHAY OWNER
Dates Pub: March 14, 21, 28, April 04, 2015
FILE NO. 2015-066052
STATEMENT OF ABANDONMENT OF USE OF FICTITIOUS BUSINESS NAME
The following person(s) RAINA HWANG, 15904 E. RUMSON ST., HACIENDA HTS., CA 91745, have abandoned the use of the fictitious business name: GOLDEN FASHION, 1002 ... 1002 LUCIERA OPEN, 21800 W. GOLDEN MOTOPOLE DR., DIAMOND BAR, CA 91765. The fictitious business name referred to above was filed on 10/16/2014, in the County of Los Angeles. The original file number of 2014296402. This business was conducted by: AN INDIVIDUAL. This statement was filed with the County Clerk of Los Angeles County on 03/11/2015. I declare that all information in this statement is true and correct. A registrant who declares as true information which he or she knows to be false, is guilty of a crime.) SIGNED: RAINA HWANG OWNER
Dates Pub: March 14, 21, 28, April 04, 2015
FILE NO. 2015-067529
STATEMENT OF ABANDONMENT OF USE OF FICTITIOUS BUSINESS NAME
The following person(s) JULIO DIAZ, 1037 W. ORANGE AVE., LA PUENTE, CA 91744, have abandoned the use of the fictitious business name: DB PRECISION, 1037 W. ORANGE AVE., LA PUENTE, CA 91744. The fictitious business name referred to above was filed on 02/20/2013, in the County of Los Angeles. The original file number of 2013034572. This business was conducted by: AN INDIVIDUAL. This statement was filed with the County Clerk of Los Angeles County on 03/12/2015. I declare that all information in this statement is true and correct. A registrant who declares as true information which he or she knows to be false, is guilty of a crime.) SIGNED: JULIO DIAZ OWNER
Dates Pub: March 14, 21, 28, April 04, 2015
FICTITIOUS BUSINESS NAME STATEMENT
File No. 2015-056588
The following person(s) is (are) doing business as: FINGERS AND TOES, 8847 IMPERIAL HWY #F, DOWNEY, CA 90242. Full name of registrant(s) is (are) ANDY THUONG VO, 8538 LAKEWOOD BLVD. LONG BEACH CA 90808. This Business is conducted by: AN INDIVIDUAL. Signed: ANDY THUONG VO. This statement was filed with the County Clerk of Los Angeles County on 03/02/2015. The registrant(s) has (have) commenced to transact business under the fictitious business name or names listed above on N/A. NOTICE- This Fictitious Name Statement expires five years from the date it was filed in the office of the County Clerk. A new Fictitious Business Name Statement must be filed prior to that date. The filing of this statement does not of itself authorize the use in this state of a Fictitious Business Name in violation of the rights of another under Federal, State, or common law (See section 14411 et seq. Business and Professions Code) Publish: Mountain Views News
Dates Pub: March 07, 14, 21, 28, 2015
FICTITIOUS BUSINESS NAME STATEMENT
File No. 2015-060416
The following person(s) is (are) doing business as: 24/7 REFRIGERATION & AC, 316 N. CONCOURSE AVE., MONTEBELLO, CA 90640. Full name of registrant(s) is (are) RAMON GOMEZ, 316 N. CONCOURSE AVE., MONTEBELLO, CA 90640; ELIAS GOMEZ, 316 N. CONCOURSE AVE., MONTEBELLO, CA 90640. This Business is conducted by: CO-PARTNERS. Signed: RAMON GOMEZ. This statement was filed with the County Clerk of Los Angeles County on 03/05/2015. The registrant(s) has (have) commenced to transact business under the fictitious business name or names listed above on N/A. NOTICE- This Fictitious Name Statement expires five years from the date it was filed in the office of the County Clerk. A new Fictitious Business Name Statement must be filed prior to that date. The filing of this statement does not of itself authorize the use in this state of a Fictitious Business Name in violation of the rights of another under Federal, State, or common law (See section 14411 et seq. Business and Professions Code) Publish: Mountain Views News
Dates Pub: March 14, 21, 28, April 04, 2015
FICTITIOUS BUSINESS NAME STATEMENT
File No. 2015-056330
The following person(s) is (are) doing business as: PET GROOMING, 14545 LEFFINGWELL RD. #F, WHITTIER, CA 90604. Full name of registrant(s) is (are) CHONG IN YOUN, 14545 LEFFING RD. #F, WHITTIER, CA 90604. This Business is conducted by: AN INDIVIDUAL. Signed: CHONG IN YOUN. This statement was filed with the County Clerk of Los Angeles County on 03/02/2015. The registrant(s) has (have) commenced to transact business under the fictitious business name or names listed above on N/A. NOTICE- This Fictitious Name Statement expires five years from the date it was filed in the office of the County Clerk. A new Fictitious Business Name Statement must be filed prior to that date. The filing of this statement does not of itself authorize the use in this state of a Fictitious Business Name in violation of the rights of another under Federal, State, or common law (See section 14411 et seq. Business and Professions Code) Publish: Mountain Views News
Dates Pub: March 07, 14, 21, 28, 2015
FICTITIOUS BUSINESS NAME STATEMENT
File No. 2015-058530
The following person(s) is (are) doing business as: AFFORDABLE CLIMATE CONTROL, 2315 ROBERTA AVE., FULLERTON, CA 92633. Full name of registrant(s) is (are) JEFFREY ROBERT HAGHSHENAS, 2315 ROBERTA AVE., FULLERTON, CA 92633. This Business is conducted by: AN INDIVIDUAL. Signed: JEFFREY ROBERT HAGHSHENAS. This statement was filed with the County Clerk of Los Angeles County on 03/04/2015. The registrant(s) has (have) commenced to transact business under the fictitious business name or names listed above on 01/01/2015. NOTICE- This Fictitious Name Statement expires five years from the date it was filed in the office of the County Clerk. A new Fictitious Business Name Statement must be filed prior to that date. The filing of this statement does not of itself authorize the use in this state of a Fictitious Business Name in violation of the rights of another under Federal, State, or common law (See section 14411 et seq. Business and Professions Code) Publish: Mountain Views News
Dates Pub: March 07, 14, 21, 28, 2015
FICTITIOUS BUSINESS NAME STATEMENT
File No. 2015-055608
The following person(s) is (are) doing business as: AIRPORT ROYAL CLINIC, 10145 W. CENTURY BLVD., L.A., CA 90045. Full name of registrant(s) is (are) DOWNWITHOWNERSHIP AGENCY, 10145 W. CENTURY BLVD., L.A., CA 90045. This Business is conducted by: A LIMITED LIABILITY COMPANY.
DOWNWITHOWNERSHIP AGENCY. This statement was filed with the County Clerk of Los Angeles County on 03/03/2015. The registrant(s) has (have) commenced to transact business under the fictitious business name or names listed above on N/A. NOTICE- This Fictitious Name Statement expires five years from the date it was filed in the office of the County Clerk. A new Fictitious Business Name Statement must be filed prior to that date. The filing of this statement does not of itself authorize the use in this state of a Fictitious Business Name in violation of the rights of another under Federal, State, or common law (See section 14411 et seq. Business and Professions Code) Publish: Mountain Views News
Dates Pub: March 07, 14, 21, 28, 2015
FICTITIOUS BUSINESS NAME STATEMENT
File No. 2015-056909
The following person(s) is (are) doing business as: ALANZ COLD DELIVERY, 2772 WILLOW PL., SOUTH GATE, CA 90280. Full name of registrant(s) is (are) JOSE LUIS SUAREZ ALANIZ, 2772 WILLOW PL., SOUTH GATE, CA 90280. This Business is conducted by: AN INDIVIDUAL. Signed: JOSE LUIS SUAREZ ALANIZ. This statement was filed with the County Clerk of Los Angeles County on 03/02/2015. The registrant(s) has (have) commenced to transact business under the fictitious business name or names listed above on N/A. NOTICE- This Fictitious Name Statement expires five years from the date it was filed in the office of the County Clerk. A new Fictitious Business Name Statement must be filed prior to that date. The filing of this statement does not of itself authorize the use in this state of a Fictitious Business Name in violation of the rights of another under Federal, State, or common law (See section 14411 et seq. Business and Professions Code) Publish: Mountain Views News
Dates Pub: March 07, 14, 21, 28, 2015
FICTITIOUS BUSINESS NAME STATEMENT
File No. 2015-059075
The following person(s) is (are) doing business as: B QUINTANILLA MASONRY, 923 E. 97TH ST., L.A., CA 90002. Full name of registrant(s) is (are) BERNABE QUINTANILLA, 923 E. 97TH ST., L.A., CA 90002. This Business is conducted by: AN INDIVIDUAL. Signed: BERNABE QUINTANILLA. This statement was filed with the County Clerk of Los Angeles County on 03/04/2015. The registrant(s) has (have) commenced to transact business under the fictitious business name or names listed above on N/A. NOTICE- This Fictitious Name Statement expires five years from the date it was filed in the office of the County Clerk. A new Fictitious Business Name Statement must be filed prior to that date. The filing of this statement does not of itself authorize the use in this state of a Fictitious Business Name in violation of the rights of another under Federal, State, or common law (See section 14411 et seq. Business and Professions Code) Publish: Mountain Views News
Dates Pub: March 07, 14, 21, 28, 2015
FICTITIOUS BUSINESS NAME STATEMENT
File No. 2015-058130
The following person(s) is (are) doing business as: BH PACIFIC, 1601 AMBERWOOD DR. UNIT 10, SO PASADENA, CA 91030. Full name of registrant(s) is (are) JEN HUANG, 1437 CREST DR., ALTADENA, CA 91001. This Business is conducted by: AN INDIVIDUAL. Signed: JEN HUANG. This statement was filed with the County Clerk of Los Angeles County on 03/03/2015. The registrant(s) has (have) commenced to transact business under the fictitious business name or names listed above on N/A. NOTICE- This Fictitious Name Statement expires five years from the date it was filed in the office of the County Clerk. A new Fictitious Business Name Statement must be filed prior to that date. The filing of this statement does not of itself authorize the use in this state of a Fictitious Business Name in violation of the rights of another under Federal, State, or common law (See section 14411 et seq. Business and Professions Code) Publish: Mountain Views News
Dates Pub: March 07, 14, 21, 28, 2015
FICTITIOUS BUSINESS NAME STATEMENT
File No. 2015-055681
The following person(s) is (are) doing business as: BODY SHAPING BY JIMY SHARP, 2762 WHITTIER BLVD., L.A., CA 90023. Full name of registrant(s) is (are) JIMY GABRIEL TAMAYO, 2762 WHITTIER BLVD., L.A., CA 90023. This Business is conducted by: AN INDIVIDUAL. Signed: JIMY GABRIEL TAMAYO. This statement was filed with the County Clerk of Los Angeles County on 03/02/2015. The registrant(s) has (have) commenced to transact business under the fictitious business name or names listed above on N/A. NOTICE- This Fictitious Name Statement expires five years from the date it was filed in the office of the County Clerk. A new Fictitious Business Name Statement must be filed prior to that date. The filing of this statement does not of itself authorize the use in this state of a Fictitious Business Name in violation of the rights of another under Federal, State, or common law (See section 14411 et seq. Business and Professions Code) Publish: Mountain Views News
Dates Pub: March 07, 14, 21, 28, 2015
FICTITIOUS BUSINESS NAME STATEMENT
File No. 2015-059695
The following person(s) is (are) doing business as: CENTRAL LIGHTING, 1111 E. GRAND AVE., POMONA, CA 91766. Full name of registrant(s) is (are) ESSOP GUZALI BARBAZA, 1111 E. GRAND AVE., POMONA, CA 91766. This Business is conducted by: AN INDIVIDUAL. Signed: ESSOP GUZALI BARBAZA. This statement was filed with the County Clerk of Los Angeles County on 03/05/2015. The registrant(s) has (have) commenced to transact business under the fictitious business name or names listed above on N/A. NOTICE- This Fictitious Name Statement expires five years from the date it was filed in the office of the County Clerk. A new Fictitious Business Name Statement must be filed prior to that date. The filing of this statement does not of itself authorize the use in this state of a Fictitious Business Name in violation of the rights of another under Federal, State, or common law (See section 14411 et seq. Business and Professions Code) Publish: Mountain Views News
Dates Pub: March 07, 14, 21, 28, 2015
FICTITIOUS BUSINESS NAME STATEMENT
File No. 2015-060006
The following person(s) is (are) doing business as: CHINA INTERNATIONAL DIVERSIFIED SERVICES, 504 W. HUNTINGTON DR. #11, ARCADIA, CA 91007. Full name of registrant(s) is (are) JENG WEI, 1725 CYPRESS POINT DR. UNIT 11, ARCADIA, CA 91007. This Business is conducted by: AN INDIVIDUAL. Signed: JENG WEI. This statement was filed with the County Clerk of Los Angeles County on 03/05/2015. The registrant(s) has (have) commenced to transact business under the fictitious business name or names listed above on N/A. NOTICE- This Fictitious Name Statement expires five years from the date it was filed in the office of the County Clerk. A new Fictitious Business Name Statement must be filed prior to that date. The filing of this statement does not of itself authorize the use in this state of a Fictitious Business Name in violation of the rights of another under Federal, State, or common law (See section 14411 et seq. Business and Professions Code) Publish: Mountain Views News
Dates Pub: March 07, 14, 21, 28, 2015
FICTITIOUS BUSINESS NAME STATEMENT
File No. 2015-057653
The following person(s) is (are) doing business as: CIRCLE K TORRANCE, 201 OCEAN AVE. #1406P, SANTA MONICA, CA 90402. Full name of registrant(s) is (are) LOTUS STAR INC., 201 OCEAN AVE. #1406P, SANTA MONICA, CA 90402. This Business is conducted by: A CORPORATION. Signed: SONOMTSEREN TSEN. This statement was filed with the County Clerk of Los Angeles County on 03/03/2015. The registrant(s) has (have) commenced to transact business under the fictitious business name or names listed above on N/A. NOTICE- This Fictitious Name Statement expires five years from the date it was filed in the office of the County Clerk. A new Fictitious Business Name Statement must be filed prior to that date. The filing of this statement does not of itself authorize the use in this state of a Fictitious Business Name in violation of the rights of another under Federal, State, or common law (See section 14411 et seq. Business and Professions Code) Publish: Mountain Views News
Dates Pub: March 07, 14, 21, 28, 2015
FICTITIOUS BUSINESS NAME STATEMENT
File No. 2015-055576
The following person(s) is (are) doing business as: CRYSTAL SPA MASSAGE, 3747 E. ANAHEIM ST., LONG BEACH, CA 90804. Full name of registrant(s) is (are) CRYSTAL SPA INC., 13777 PACIFIC COAST HWY., LONG BEACH, CA 90804. This Business is conducted by: A CORPORATION. Signed: HUI CHEN. This statement was filed with the County Clerk of Los Angeles County on 03/02/2015. The registrant(s) has (have) commenced to transact business under the fictitious business name or names listed above on N/A. NOTICE- This Fictitious Name Statement expires five years from the date it was filed in the office of the County Clerk. A new Fictitious Business Name Statement must be filed prior to that date. The filing of this statement does not of itself authorize the use in this state of a Fictitious Business Name in violation of the rights of another under Federal, State, or common law (See section 14411 et seq. Business and Professions Code) Publish: Mountain Views News
Dates Pub: March 07, 14, 21, 28, 2015
FICTITIOUS BUSINESS NAME STATEMENT
File No. 2015-047143
The following person(s) is (are) doing business as: DLA MAINTENANCE SERVICE, 1219 W. 69TH ST., L.A., CA 90044. Full name of registrant(s) is (are) DESHAWN MONIQUE ALEXANDER, 1219 W. 69TH ST., L.A., CA 90044. This Business is conducted by: AN INDIVIDUAL. Signed: DESHAWN MONIQUE ALEXANDER. This statement was filed with the County Clerk of Los Angeles County on 02/20/2015. The registrant(s) has (have) commenced to transact business under the fictitious business name or names listed above on N/A. NOTICE- This Fictitious Name Statement expires five years from the date it was filed in the office of the County Clerk. A new Fictitious Business Name Statement must be filed prior to that date. The filing of this statement does not of itself authorize the use in this state of a Fictitious Business Name in violation of the rights of another under Federal, State, or common law (See section 14411 et seq. Business and Professions Code) Publish: Mountain Views News
Dates Pub: March 07, 14, 21, 28, 2015
FICTITIOUS BUSINESS NAME STATEMENT
File No. 2015-055547
The following person(s) is (are) doing business as: DAD LIFE, 3310 W. HOLLY PARK DR. #9, INGLEWOOD, CA 90305.
